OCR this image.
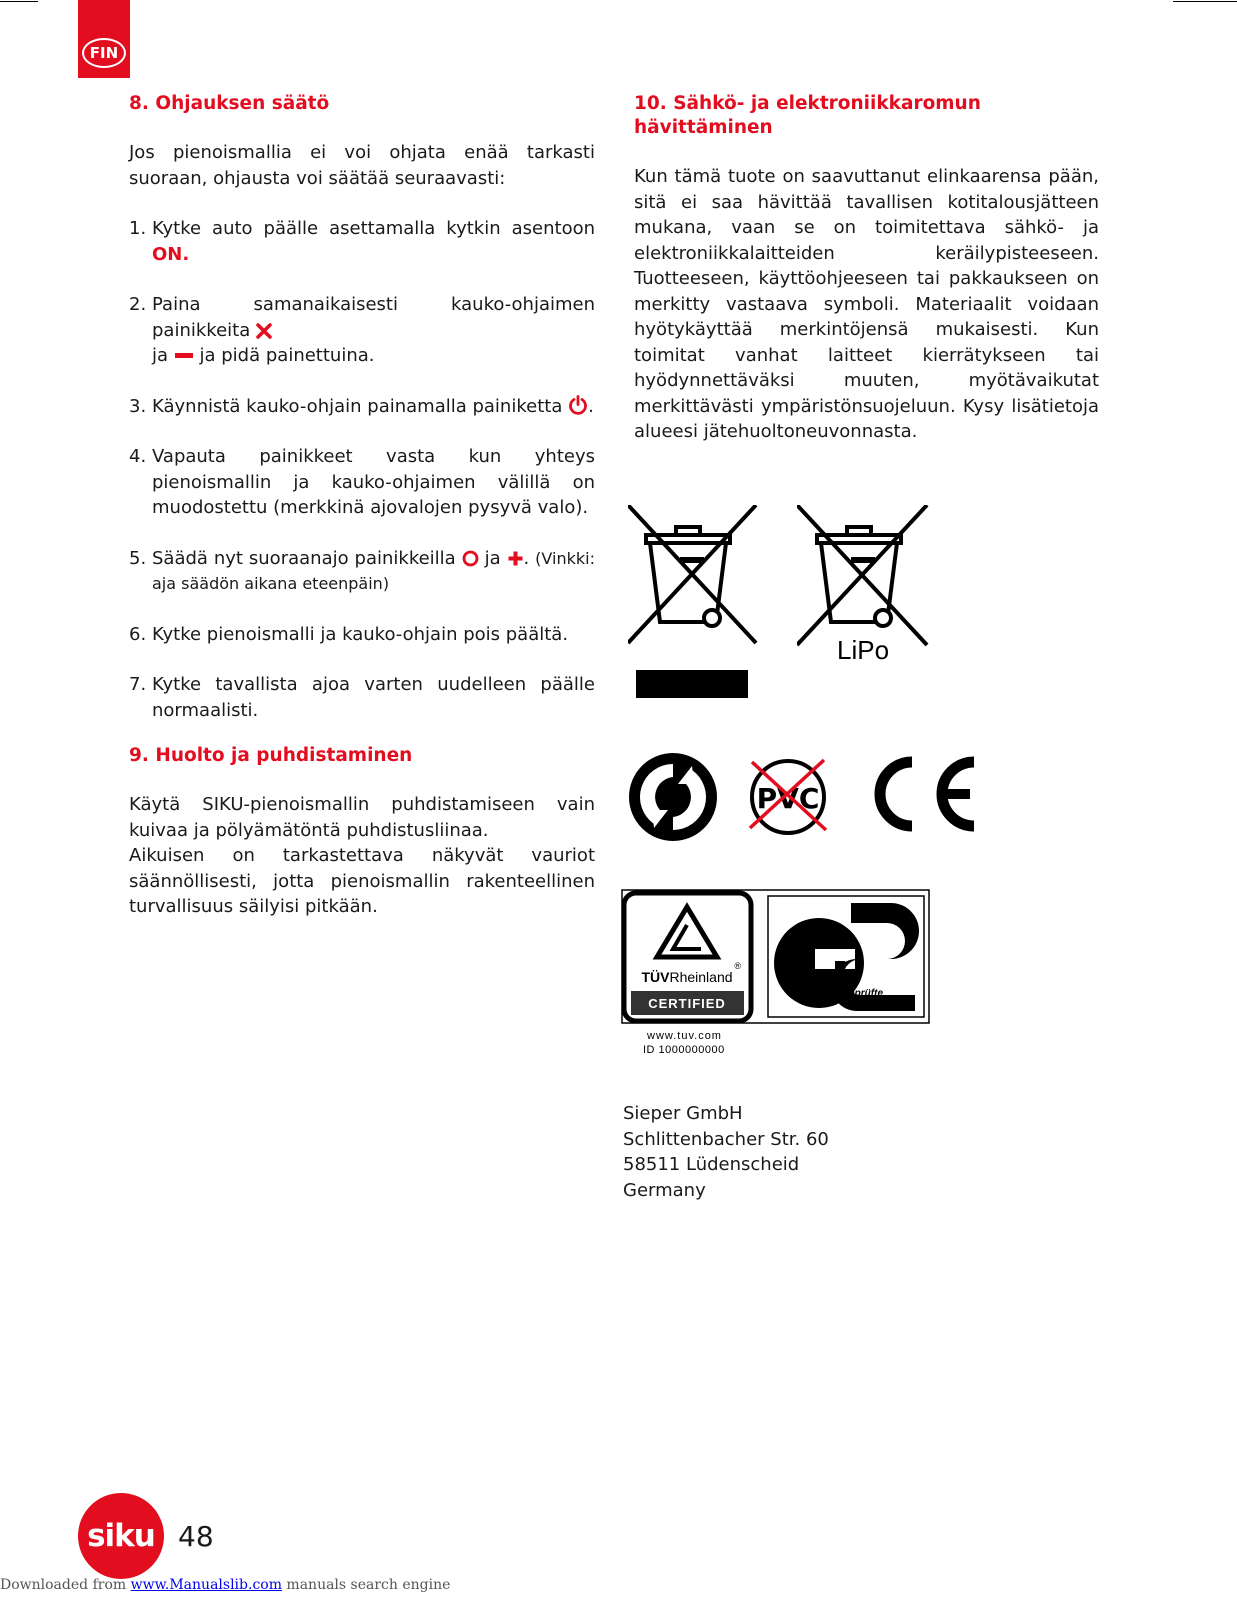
FIN
8. Ohjauksen säätö

Jos pienoismallia ei voi ohjata enää tarkasti suoraan, ohjausta voi säätää seuraavasti:

1. Kytke auto päälle asettamalla kytkin asentoon ON.
2. Paina samanaikaisesti kauko-ohjaimen painikkeita
ja ja pidä painettuina.
3. Käynnistä kauko-ohjain painamalla painiketta .
4. Vapauta painikkeet vasta kun yhteys pienoismallin ja kauko-ohjaimen välillä on muodostettu (merkkinä ajovalojen pysyvä valo).
5. Säädä nyt suoraanajo painikkeilla ja . (Vinkki: aja säädön aikana eteenpäin)
6. Kytke pienoismalli ja kauko-ohjain pois päältä.
7. Kytke tavallista ajoa varten uudelleen päälle normaalisti.
9. Huolto ja puhdistaminen

Käytä SIKU-pienoismallin puhdistamiseen vain kuivaa ja pölyämätöntä puhdistusliinaa.

Aikuisen on tarkastettava näkyvät vauriot säännöllisesti, jotta pienoismallin rakenteellinen turvallisuus säilyisi pitkään.

10. Sähkö- ja elektroniikkaromun hävittäminen

Kun tämä tuote on saavuttanut elinkaarensa pään, sitä ei saa hävittää tavallisen kotitalousjätteen mukana, vaan se on toimitettava sähkö- ja elektroniikkalaitteiden keräilypisteeseen. Tuotteeseen, käyttöohjeeseen tai pakkaukseen on merkitty vastaava symboli. Materiaalit voidaan hyötykäyttää merkintöjensä mukaisesti. Kun toimitat vanhat laitteet kierrätykseen tai hyödynnettäväksi muuten, myötävaikutat merkittävästi ympäristönsuojeluun. Kysy lisätietoja alueesi jätehuoltoneuvonnasta.

LiPo
PVC
®
TÜVRheinland
CERTIFIED
geprüfte
Sicherheit
www.tuv.com
ID 1000000000
Sieper GmbH
Schlittenbacher Str. 60
58511 Lüdenscheid
Germany
siku 48
Downloaded from www.Manualslib.com manuals search engine
